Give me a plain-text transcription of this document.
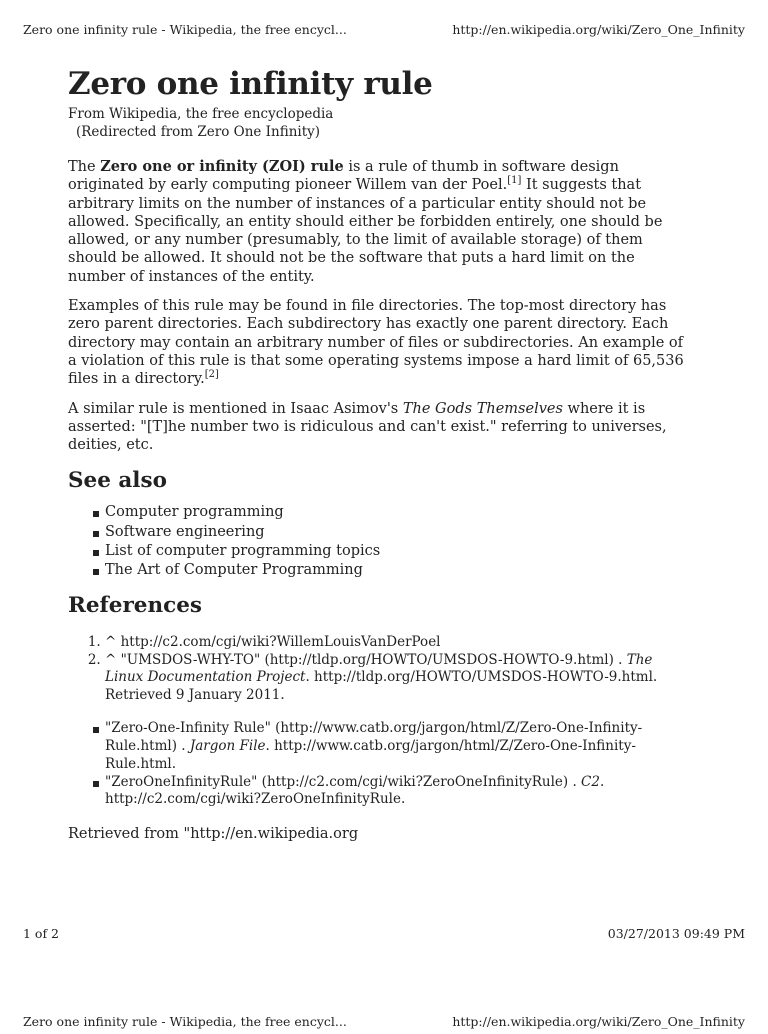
Zero one infinity rule - Wikipedia, the free encycl...	http://en.wikipedia.org/wiki/Zero_One_Infinity
Zero one infinity rule
From Wikipedia, the free encyclopedia
(Redirected from Zero One Infinity)

The Zero one or infinity (ZOI) rule is a rule of thumb in software design originated by early computing pioneer Willem van der Poel.[1] It suggests that arbitrary limits on the number of instances of a particular entity should not be allowed. Specifically, an entity should either be forbidden entirely, one should be allowed, or any number (presumably, to the limit of available storage) of them should be allowed. It should not be the software that puts a hard limit on the number of instances of the entity.

Examples of this rule may be found in file directories. The top-most directory has zero parent directories. Each subdirectory has exactly one parent directory. Each directory may contain an arbitrary number of files or subdirectories. An example of a violation of this rule is that some operating systems impose a hard limit of 65,536 files in a directory.[2]

A similar rule is mentioned in Isaac Asimov's The Gods Themselves where it is asserted: "[T]he number two is ridiculous and can't exist." referring to universes, deities, etc.

See also
Computer programming
Software engineering
List of computer programming topics
The Art of Computer Programming
References
1. ^ http://c2.com/cgi/wiki?WillemLouisVanDerPoel
2. ^ "UMSDOS-WHY-TO" (http://tldp.org/HOWTO/UMSDOS-HOWTO-9.html) . The Linux Documentation Project. http://tldp.org/HOWTO/UMSDOS-HOWTO-9.html. Retrieved 9 January 2011.
"Zero-One-Infinity Rule" (http://www.catb.org/jargon/html/Z/Zero-One-Infinity-Rule.html) . Jargon File. http://www.catb.org/jargon/html/Z/Zero-One-Infinity-Rule.html.
"ZeroOneInfinityRule" (http://c2.com/cgi/wiki?ZeroOneInfinityRule) . C2. http://c2.com/cgi/wiki?ZeroOneInfinityRule.
Retrieved from "http://en.wikipedia.org
1 of 2	03/27/2013 09:49 PM
Zero one infinity rule - Wikipedia, the free encycl...	http://en.wikipedia.org/wiki/Zero_One_Infinity
